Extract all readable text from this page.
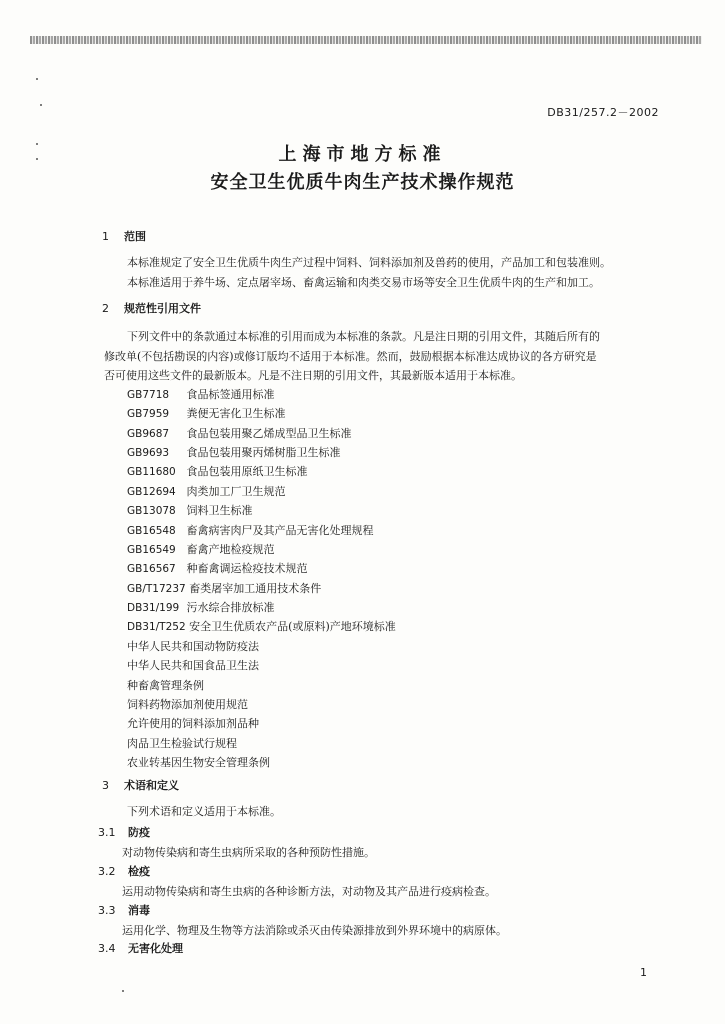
DB31/257.2－2002
上海市地方标准
安全卫生优质牛肉生产技术操作规范
1 范围
本标准规定了安全卫生优质牛肉生产过程中饲料、饲料添加剂及兽药的使用，产品加工和包装准则。
本标准适用于养牛场、定点屠宰场、畜禽运输和肉类交易市场等安全卫生优质牛肉的生产和加工。
2 规范性引用文件
下列文件中的条款通过本标准的引用而成为本标准的条款。凡是注日期的引用文件，其随后所有的
修改单(不包括勘误的内容)或修订版均不适用于本标准。然而，鼓励根据本标准达成协议的各方研究是
否可使用这些文件的最新版本。凡是不注日期的引用文件，其最新版本适用于本标准。
GB7718 食品标签通用标准
GB7959 粪便无害化卫生标准
GB9687 食品包装用聚乙烯成型品卫生标准
GB9693 食品包装用聚丙烯树脂卫生标准
GB11680 食品包装用原纸卫生标准
GB12694 肉类加工厂卫生规范
GB13078 饲料卫生标准
GB16548 畜禽病害肉尸及其产品无害化处理规程
GB16549 畜禽产地检疫规范
GB16567 种畜禽调运检疫技术规范
GB/T17237 畜类屠宰加工通用技术条件
DB31/199 污水综合排放标准
DB31/T252 安全卫生优质农产品(或原料)产地环境标准
中华人民共和国动物防疫法
中华人民共和国食品卫生法
种畜禽管理条例
饲料药物添加剂使用规范
允许使用的饲料添加剂品种
肉品卫生检验试行规程
农业转基因生物安全管理条例
3 术语和定义
下列术语和定义适用于本标准。
3.1 防疫
对动物传染病和寄生虫病所采取的各种预防性措施。
3.2 检疫
运用动物传染病和寄生虫病的各种诊断方法，对动物及其产品进行疫病检查。
3.3 消毒
运用化学、物理及生物等方法消除或杀灭由传染源排放到外界环境中的病原体。
3.4 无害化处理
1
